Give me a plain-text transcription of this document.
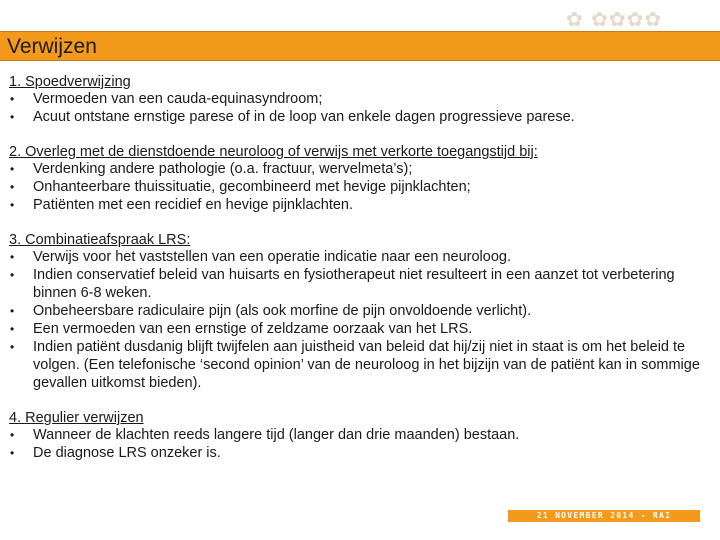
✿ ✿✿✿✿
Verwijzen

1. Spoedverwijzing

• Vermoeden van een cauda-equinasyndroom;
• Acuut ontstane ernstige parese of in de loop van enkele dagen progressieve parese.

2. Overleg met de dienstdoende neuroloog of verwijs met verkorte toegangstijd bij:

• Verdenking andere pathologie (o.a. fractuur, wervelmeta’s);
• Onhanteerbare thuissituatie, gecombineerd met hevige pijnklachten;
• Patiënten met een recidief en hevige pijnklachten.

3. Combinatieafspraak LRS:

• Verwijs voor het vaststellen van een operatie indicatie naar een neuroloog.
• Indien conservatief beleid van huisarts en fysiotherapeut niet resulteert in een aanzet tot verbetering binnen 6-8 weken.
• Onbeheersbare radiculaire pijn (als ook morfine de pijn onvoldoende verlicht).
• Een vermoeden van een ernstige of zeldzame oorzaak van het LRS.
• Indien patiënt dusdanig blijft twijfelen aan juistheid van beleid dat hij/zij niet in staat is om het beleid te volgen. (Een telefonische ‘second opinion’ van de neuroloog in het bijzijn van de patiënt kan in sommige gevallen uitkomst bieden).

4. Regulier verwijzen

• Wanneer de klachten reeds langere tijd (langer dan drie maanden) bestaan.
• De diagnose LRS onzeker is.
21 NOVEMBER 2014 - RAI AMSTERDAM
